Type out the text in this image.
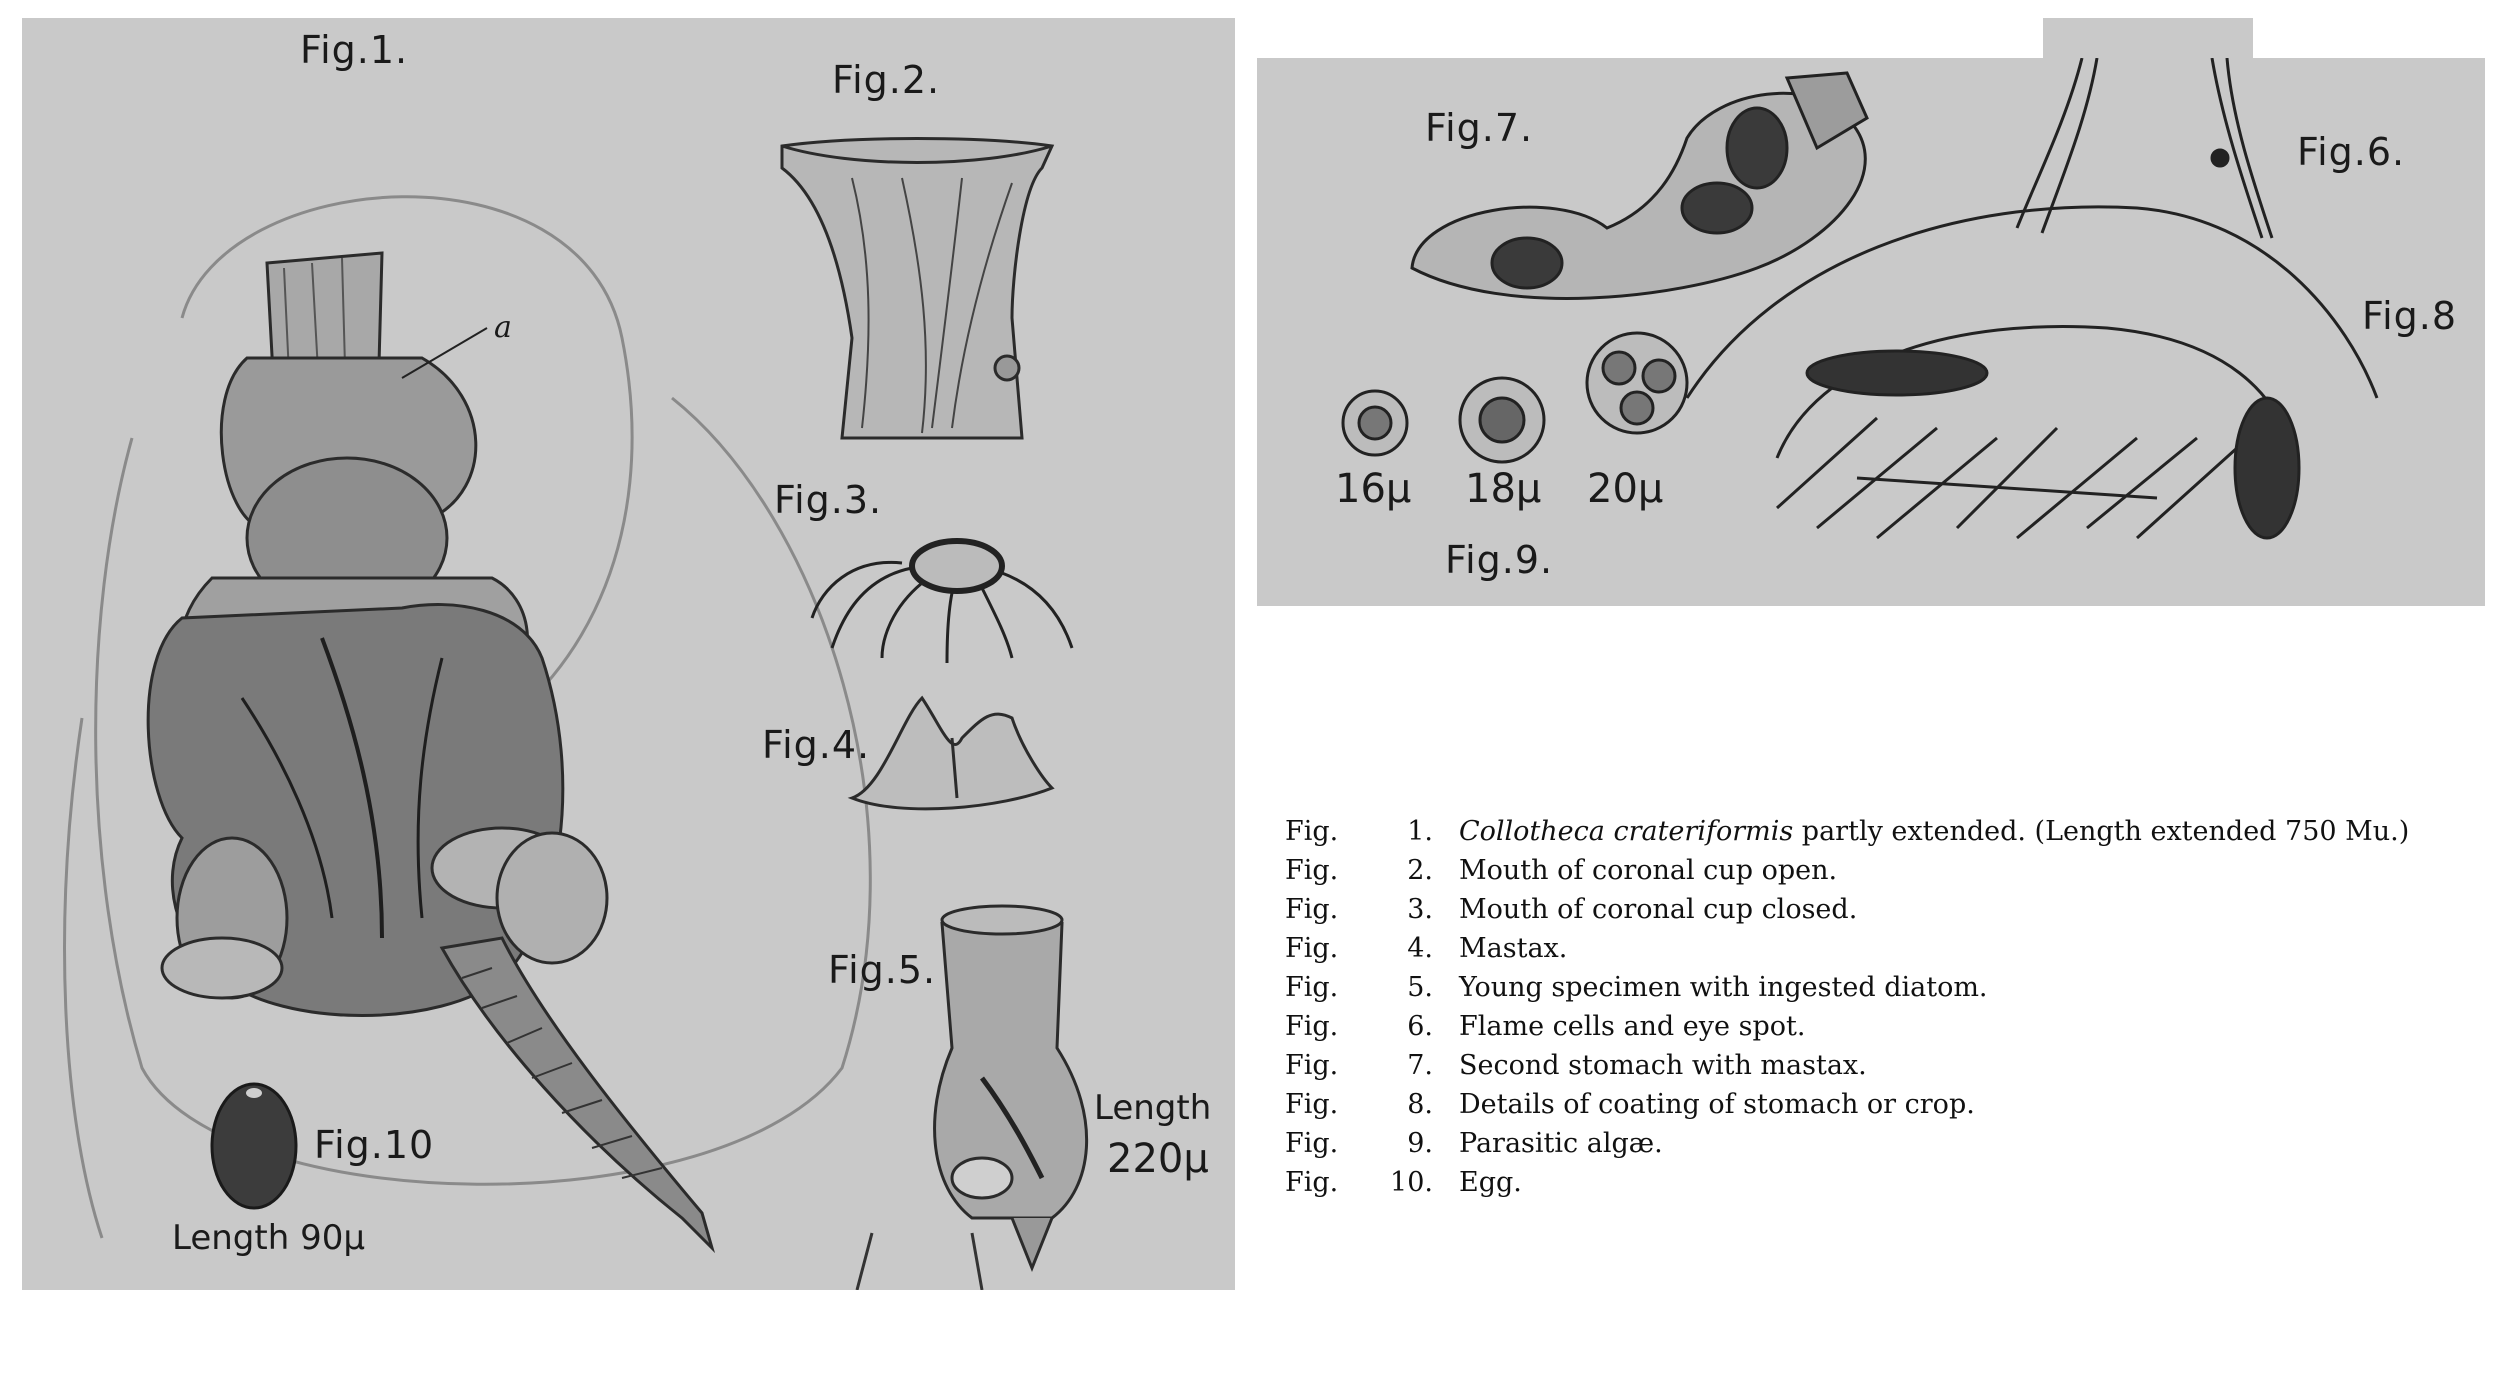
Fig.1.
Fig.2.
Fig.3.
Fig.4.
Fig.5.
Fig.10
a
Length 90µ
Length
220µ
Fig.7.
Fig.6.
Fig.8
Fig.9.
16µ 18µ 20µ
Fig.	1. Collotheca crateriformis partly extended. (Length extended 750 Mu.)
Fig.	2. Mouth of coronal cup open.
Fig.	3. Mouth of coronal cup closed.
Fig.	4. Mastax.
Fig.	5. Young specimen with ingested diatom.
Fig.	6. Flame cells and eye spot.
Fig.	7. Second stomach with mastax.
Fig.	8. Details of coating of stomach or crop.
Fig.	9. Parasitic algæ.
Fig.	10. Egg.
